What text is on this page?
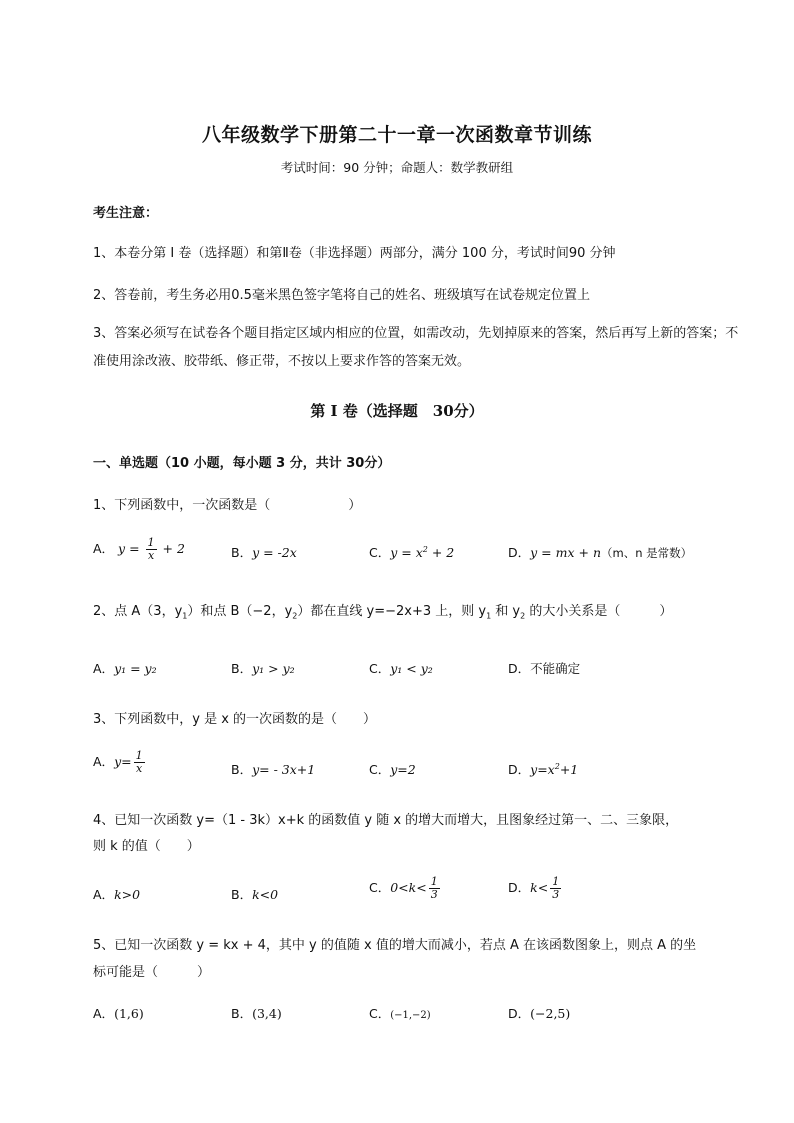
八年级数学下册第二十一章一次函数章节训练
考试时间：90 分钟；命题人：数学教研组
考生注意：
1、本卷分第 I 卷（选择题）和第Ⅱ卷（非选择题）两部分，满分 100 分，考试时间90 分钟
2、答卷前，考生务必用0.5毫米黑色签字笔将自己的姓名、班级填写在试卷规定位置上
3、答案必须写在试卷各个题目指定区域内相应的位置，如需改动，先划掉原来的答案，然后再写上新的答案；不准使用涂改液、胶带纸、修正带，不按以上要求作答的答案无效。
第 I 卷（选择题　30分）
一、单选题（10 小题，每小题 3 分，共计 30分）
1、下列函数中，一次函数是（　　　　　　）
A． $y = \frac{1}{x} + 2$	B．y = -2x	C．$y = x^2 + 2$	D．y = mx + n（m、n 是常数）
2、点 A（3，$y_1$）和点 B（−2，$y_2$）都在直线 y=−2x+3 上，则 $y_1$ 和 $y_2$ 的大小关系是（　　　）
A．y₁ = y₂	B．y₁ > y₂	C．y₁ < y₂	D．不能确定
3、下列函数中，y 是 x 的一次函数的是（　　）
A．$y= \frac{1}{x}$	B．y= - 3x+1	C．y=2	D．$y=x^2+1$
4、已知一次函数 y=（1 - 3k）x+k 的函数值 y 随 x 的增大而增大，且图象经过第一、二、三象限，
则 k 的值（　　）
A．k>0	B．k<0	C．$0<k< \frac{1}{3}$	D．$k< \frac{1}{3}$
5、已知一次函数 y = kx + 4，其中 y 的值随 x 值的增大而减小，若点 A 在该函数图象上，则点 A 的坐
标可能是（　　　）
A．(1,6)	B．(3,4)	C．(−1,−2)	D．(−2,5)
